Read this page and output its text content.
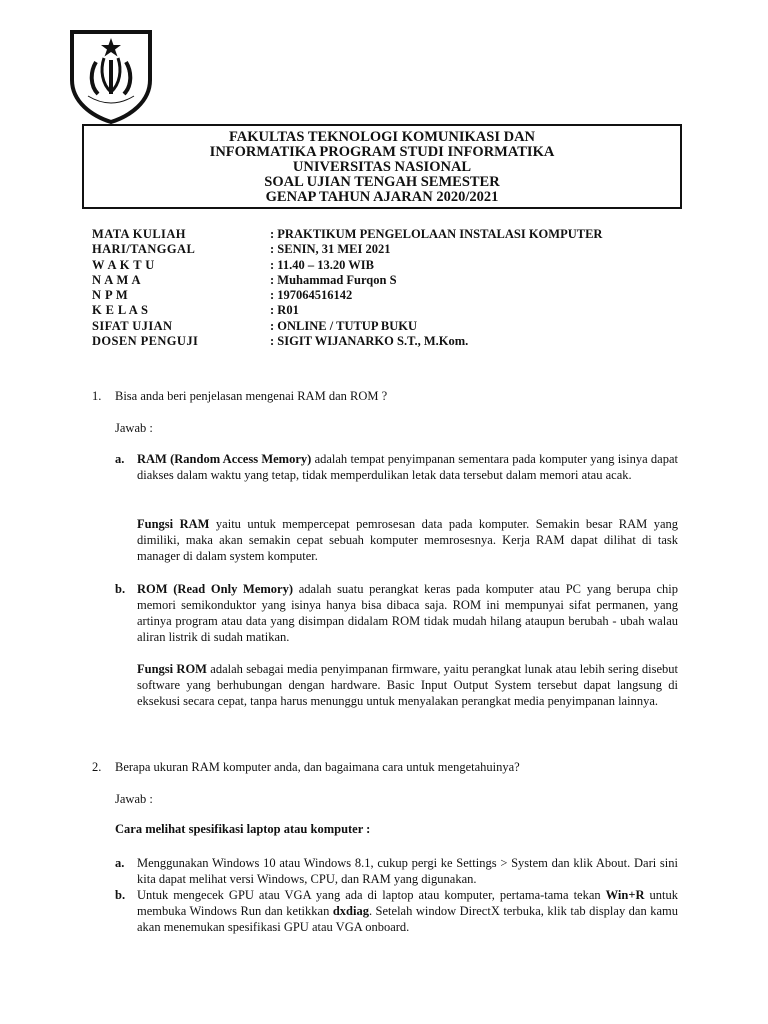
FAKULTAS TEKNOLOGI KOMUNIKASI DAN
INFORMATIKA PROGRAM STUDI INFORMATIKA
UNIVERSITAS NASIONAL
SOAL UJIAN TENGAH SEMESTER
GENAP TAHUN AJARAN 2020/2021
MATA KULIAH	: PRAKTIKUM PENGELOLAAN INSTALASI KOMPUTER
HARI/TANGGAL	: SENIN, 31 MEI 2021
W A K T U	: 11.40 – 13.20 WIB
N A M A	: Muhammad Furqon S
N P M	: 197064516142
K E L A S	: R01
SIFAT UJIAN	: ONLINE / TUTUP BUKU
DOSEN PENGUJI	: SIGIT WIJANARKO S.T., M.Kom.
1. Bisa anda beri penjelasan mengenai RAM dan ROM ?
Jawab :
a. RAM (Random Access Memory) adalah tempat penyimpanan sementara pada komputer yang isinya dapat diakses dalam waktu yang tetap, tidak memperdulikan letak data tersebut dalam memori atau acak.
Fungsi RAM yaitu untuk mempercepat pemrosesan data pada komputer. Semakin besar RAM yang dimiliki, maka akan semakin cepat sebuah komputer memrosesnya. Kerja RAM dapat dilihat di task manager di dalam system komputer.
b. ROM (Read Only Memory) adalah suatu perangkat keras pada komputer atau PC yang berupa chip memori semikonduktor yang isinya hanya bisa dibaca saja. ROM ini mempunyai sifat permanen, yang artinya program atau data yang disimpan didalam ROM tidak mudah hilang ataupun berubah - ubah walau aliran listrik di sudah matikan.
Fungsi ROM adalah sebagai media penyimpanan firmware, yaitu perangkat lunak atau lebih sering disebut software yang berhubungan dengan hardware. Basic Input Output System tersebut dapat langsung di eksekusi secara cepat, tanpa harus menunggu untuk menyalakan perangkat media penyimpanan lainnya.
2. Berapa ukuran RAM komputer anda, dan bagaimana cara untuk mengetahuinya?
Jawab :
Cara melihat spesifikasi laptop atau komputer :
a. Menggunakan Windows 10 atau Windows 8.1, cukup pergi ke Settings > System dan klik About. Dari sini kita dapat melihat versi Windows, CPU, dan RAM yang digunakan.
b. Untuk mengecek GPU atau VGA yang ada di laptop atau komputer, pertama-tama tekan Win+R untuk membuka Windows Run dan ketikkan dxdiag. Setelah window DirectX terbuka, klik tab display dan kamu akan menemukan spesifikasi GPU atau VGA onboard.
